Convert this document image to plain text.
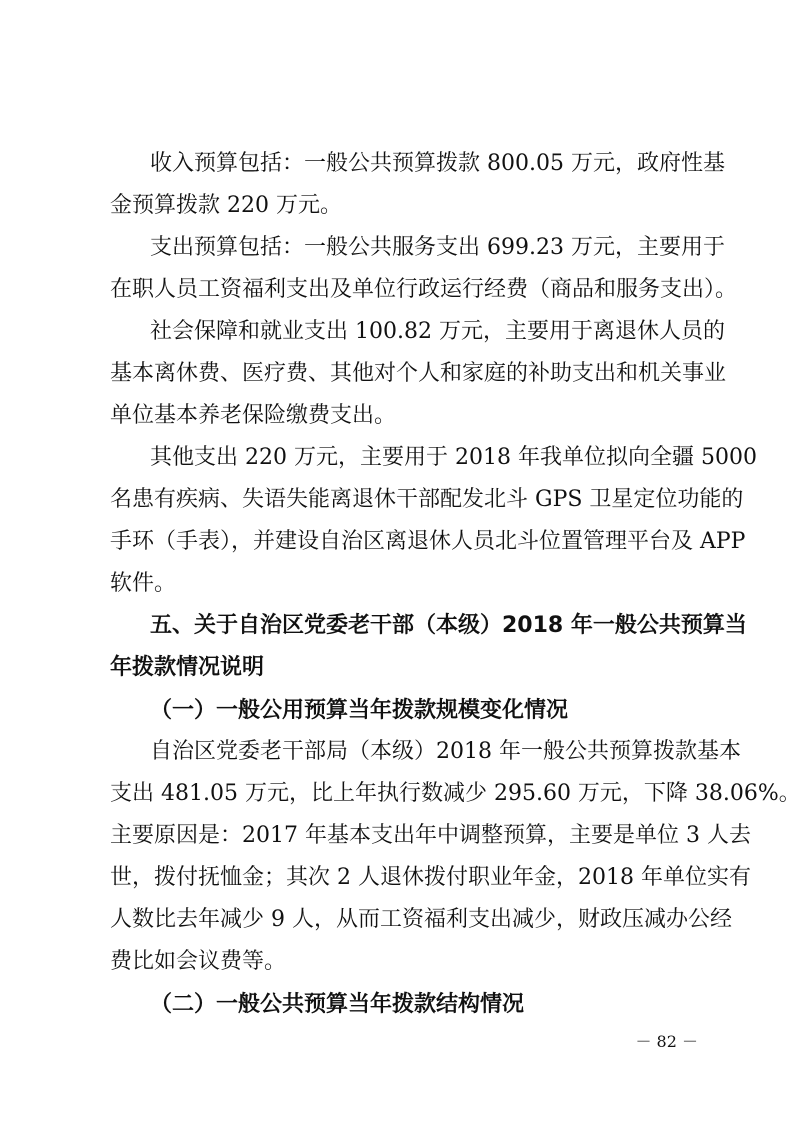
收入预算包括：一般公共预算拨款 800.05 万元，政府性基
金预算拨款 220 万元。
支出预算包括：一般公共服务支出 699.23 万元，主要用于
在职人员工资福利支出及单位行政运行经费（商品和服务支出）。
社会保障和就业支出 100.82 万元，主要用于离退休人员的
基本离休费、医疗费、其他对个人和家庭的补助支出和机关事业
单位基本养老保险缴费支出。
其他支出 220 万元，主要用于 2018 年我单位拟向全疆 5000
名患有疾病、失语失能离退休干部配发北斗 GPS 卫星定位功能的
手环（手表），并建设自治区离退休人员北斗位置管理平台及 APP
软件。
五、关于自治区党委老干部（本级）2018 年一般公共预算当
年拨款情况说明
（一）一般公用预算当年拨款规模变化情况
自治区党委老干部局（本级）2018 年一般公共预算拨款基本
支出 481.05 万元，比上年执行数减少 295.60 万元，下降 38.06%。
主要原因是：2017 年基本支出年中调整预算，主要是单位 3 人去
世，拨付抚恤金；其次 2 人退休拨付职业年金，2018 年单位实有
人数比去年减少 9 人，从而工资福利支出减少，财政压减办公经
费比如会议费等。
（二）一般公共预算当年拨款结构情况
－ 82 －
